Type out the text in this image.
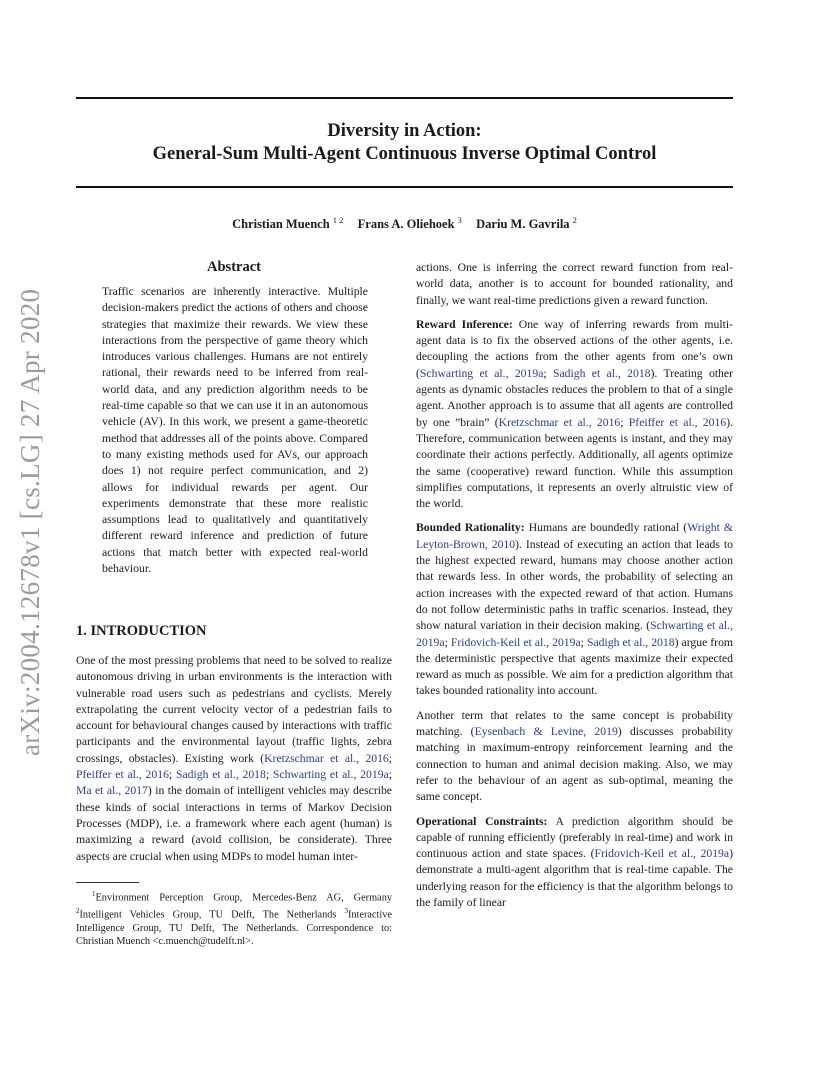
Diversity in Action:
General-Sum Multi-Agent Continuous Inverse Optimal Control
Christian Muench $^{1 2}$ Frans A. Oliehoek $^3$ Dariu M. Gavrila $^2$
arXiv:2004.12678v1 [cs.LG] 27 Apr 2020
Abstract
Traffic scenarios are inherently interactive. Multiple decision-makers predict the actions of others and choose strategies that maximize their rewards. We view these interactions from the perspective of game theory which introduces various challenges. Humans are not entirely rational, their rewards need to be inferred from real-world data, and any prediction algorithm needs to be real-time capable so that we can use it in an autonomous vehicle (AV). In this work, we present a game-theoretic method that addresses all of the points above. Compared to many existing methods used for AVs, our approach does 1) not require perfect communication, and 2) allows for individual rewards per agent. Our experiments demonstrate that these more realistic assumptions lead to qualitatively and quantitatively different reward inference and prediction of future actions that match better with expected real-world behaviour.
1. INTRODUCTION
One of the most pressing problems that need to be solved to realize autonomous driving in urban environments is the interaction with vulnerable road users such as pedestrians and cyclists. Merely extrapolating the current velocity vector of a pedestrian fails to account for behavioural changes caused by interactions with traffic participants and the environmental layout (traffic lights, zebra crossings, obstacles). Existing work (Kretzschmar et al., 2016; Pfeiffer et al., 2016; Sadigh et al., 2018; Schwarting et al., 2019a; Ma et al., 2017) in the domain of intelligent vehicles may describe these kinds of social interactions in terms of Markov Decision Processes (MDP), i.e. a framework where each agent (human) is maximizing a reward (avoid collision, be considerate). Three aspects are crucial when using MDPs to model human inter-
$^1$Environment Perception Group, Mercedes-Benz AG, Germany $^2$Intelligent Vehicles Group, TU Delft, The Netherlands $^3$Interactive Intelligence Group, TU Delft, The Netherlands. Correspondence to: Christian Muench <c.muench@tudelft.nl>.

actions. One is inferring the correct reward function from real-world data, another is to account for bounded rationality, and finally, we want real-time predictions given a reward function.

Reward Inference: One way of inferring rewards from multi-agent data is to fix the observed actions of the other agents, i.e. decoupling the actions from the other agents from one’s own (Schwarting et al., 2019a; Sadigh et al., 2018). Treating other agents as dynamic obstacles reduces the problem to that of a single agent. Another approach is to assume that all agents are controlled by one ”brain” (Kretzschmar et al., 2016; Pfeiffer et al., 2016). Therefore, communication between agents is instant, and they may coordinate their actions perfectly. Additionally, all agents optimize the same (cooperative) reward function. While this assumption simplifies computations, it represents an overly altruistic view of the world.

Bounded Rationality: Humans are boundedly rational (Wright & Leyton-Brown, 2010). Instead of executing an action that leads to the highest expected reward, humans may choose another action that rewards less. In other words, the probability of selecting an action increases with the expected reward of that action. Humans do not follow deterministic paths in traffic scenarios. Instead, they show natural variation in their decision making. (Schwarting et al., 2019a; Fridovich-Keil et al., 2019a; Sadigh et al., 2018) argue from the deterministic perspective that agents maximize their expected reward as much as possible. We aim for a prediction algorithm that takes bounded rationality into account.

Another term that relates to the same concept is probability matching. (Eysenbach & Levine, 2019) discusses probability matching in maximum-entropy reinforcement learning and the connection to human and animal decision making. Also, we may refer to the behaviour of an agent as sub-optimal, meaning the same concept.

Operational Constraints: A prediction algorithm should be capable of running efficiently (preferably in real-time) and work in continuous action and state spaces. (Fridovich-Keil et al., 2019a) demonstrate a multi-agent algorithm that is real-time capable. The underlying reason for the efficiency is that the algorithm belongs to the family of linear
